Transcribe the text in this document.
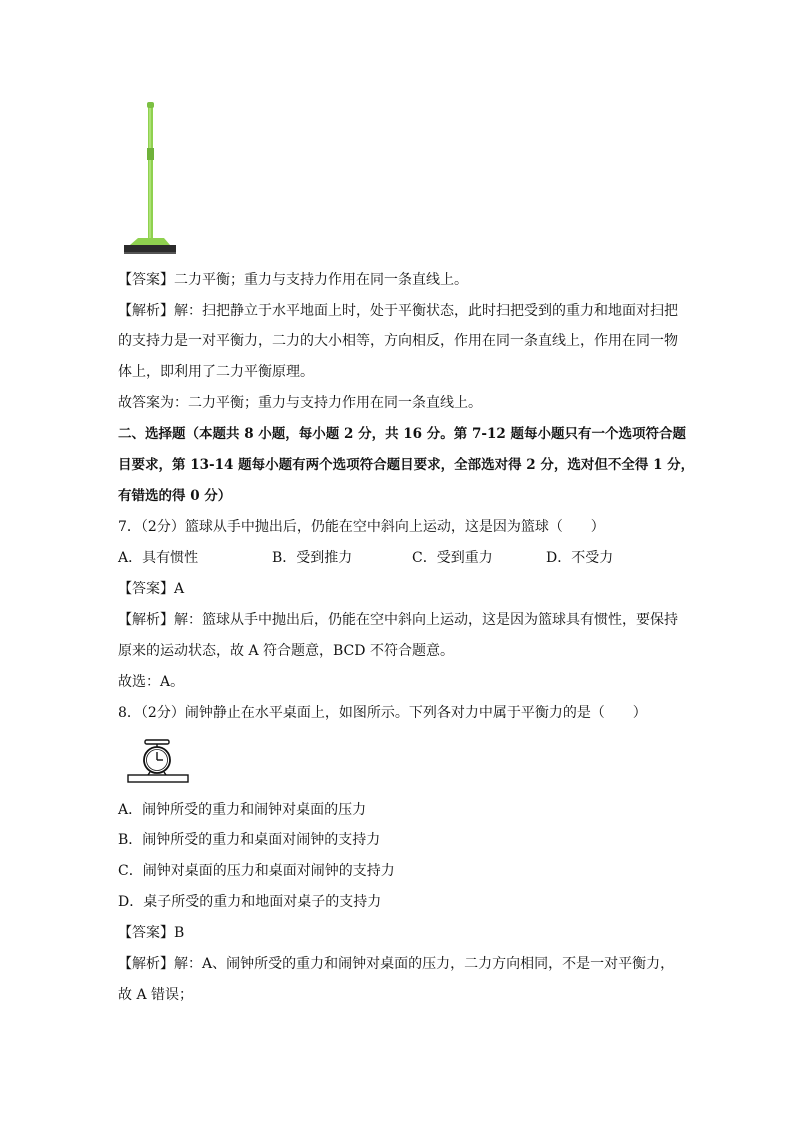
【答案】二力平衡；重力与支持力作用在同一条直线上。
【解析】解：扫把静立于水平地面上时，处于平衡状态，此时扫把受到的重力和地面对扫把
的支持力是一对平衡力，二力的大小相等，方向相反，作用在同一条直线上，作用在同一物
体上，即利用了二力平衡原理。
故答案为：二力平衡；重力与支持力作用在同一条直线上。
二、选择题（本题共 8 小题，每小题 2 分，共 16 分。第 7-12 题每小题只有一个选项符合题
目要求，第 13-14 题每小题有两个选项符合题目要求，全部选对得 2 分，选对但不全得 1 分，
有错选的得 0 分）
7．（2分）篮球从手中抛出后，仍能在空中斜向上运动，这是因为篮球（　　）
A．具有惯性	B．受到推力	C．受到重力	D．不受力
【答案】A
【解析】解：篮球从手中抛出后，仍能在空中斜向上运动，这是因为篮球具有惯性，要保持
原来的运动状态，故 A 符合题意，BCD 不符合题意。
故选：A。
8．（2分）闹钟静止在水平桌面上，如图所示。下列各对力中属于平衡力的是（　　）
A．闹钟所受的重力和闹钟对桌面的压力
B．闹钟所受的重力和桌面对闹钟的支持力
C．闹钟对桌面的压力和桌面对闹钟的支持力
D．桌子所受的重力和地面对桌子的支持力
【答案】B
【解析】解：A、闹钟所受的重力和闹钟对桌面的压力，二力方向相同，不是一对平衡力，
故 A 错误；
